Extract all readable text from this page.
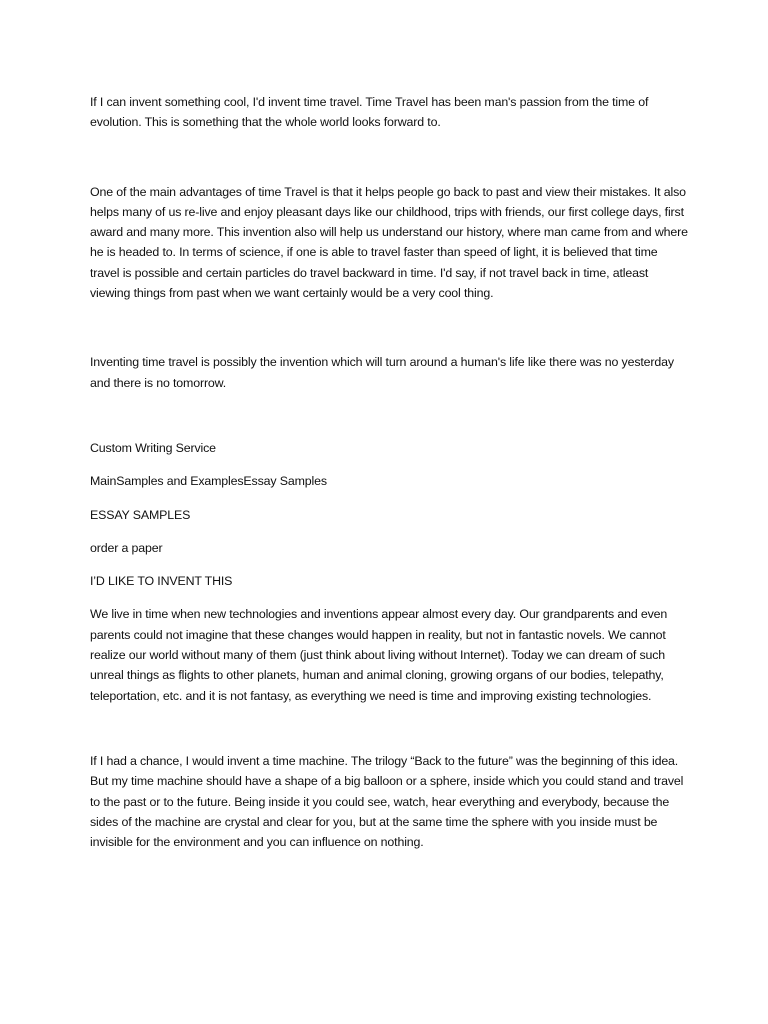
If I can invent something cool, I'd invent time travel. Time Travel has been man's passion from the time of evolution. This is something that the whole world looks forward to.

One of the main advantages of time Travel is that it helps people go back to past and view their mistakes. It also helps many of us re-live and enjoy pleasant days like our childhood, trips with friends, our first college days, first award and many more. This invention also will help us understand our history, where man came from and where he is headed to. In terms of science, if one is able to travel faster than speed of light, it is believed that time travel is possible and certain particles do travel backward in time. I'd say, if not travel back in time, atleast viewing things from past when we want certainly would be a very cool thing.

Inventing time travel is possibly the invention which will turn around a human's life like there was no yesterday and there is no tomorrow.

Custom Writing Service

MainSamples and ExamplesEssay Samples

ESSAY SAMPLES

order a paper

I’D LIKE TO INVENT THIS

We live in time when new technologies and inventions appear almost every day. Our grandparents and even parents could not imagine that these changes would happen in reality, but not in fantastic novels. We cannot realize our world without many of them (just think about living without Internet). Today we can dream of such unreal things as flights to other planets, human and animal cloning, growing organs of our bodies, telepathy, teleportation, etc. and it is not fantasy, as everything we need is time and improving existing technologies.

If I had a chance, I would invent a time machine. The trilogy “Back to the future” was the beginning of this idea. But my time machine should have a shape of a big balloon or a sphere, inside which you could stand and travel to the past or to the future. Being inside it you could see, watch, hear everything and everybody, because the sides of the machine are crystal and clear for you, but at the same time the sphere with you inside must be invisible for the environment and you can influence on nothing.
